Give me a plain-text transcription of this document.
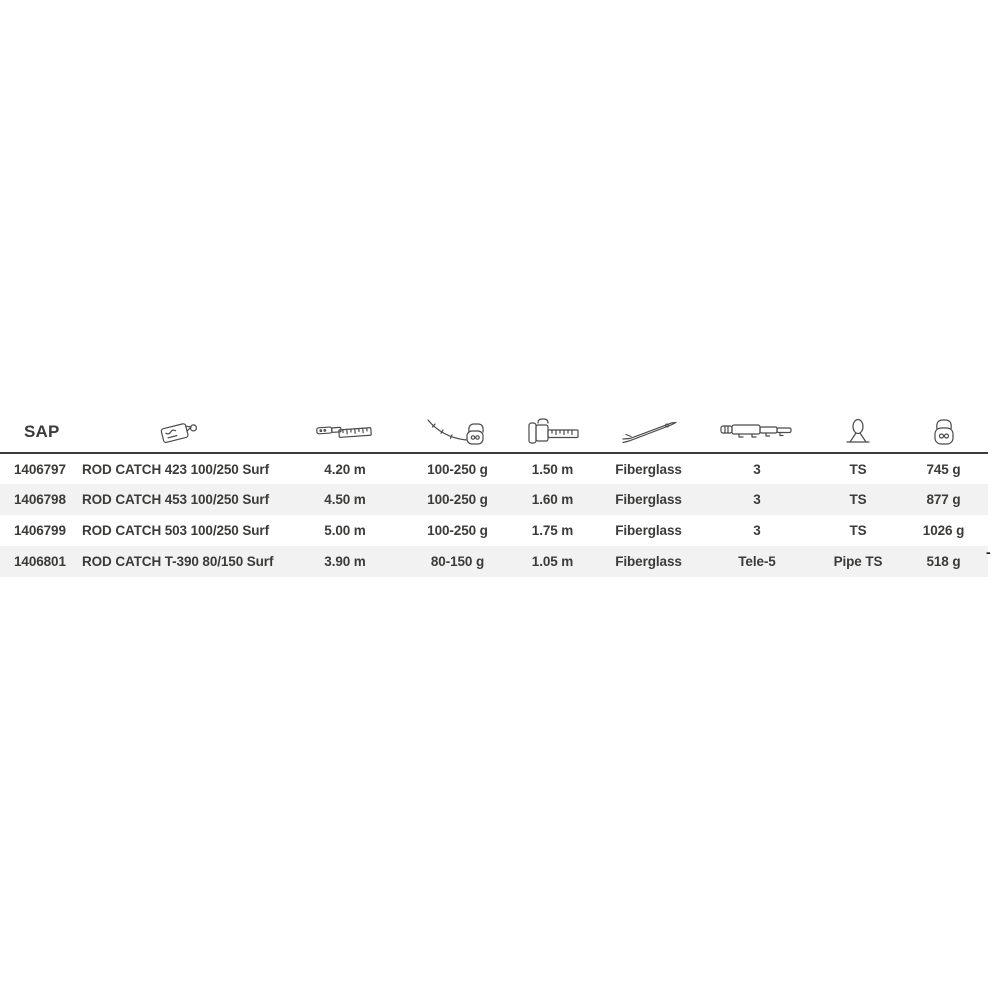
SAP	

1406797	ROD CATCH 423 100/250 Surf	4.20 m	100-250 g	1.50 m	Fiberglass	3	TS	745 g
1406798	ROD CATCH 453 100/250 Surf	4.50 m	100-250 g	1.60 m	Fiberglass	3	TS	877 g
1406799	ROD CATCH 503 100/250 Surf	5.00 m	100-250 g	1.75 m	Fiberglass	3	TS	1026 g
1406801	ROD CATCH T-390 80/150 Surf	3.90 m	80-150 g	1.05 m	Fiberglass	Tele-5	Pipe TS	518 g
-
